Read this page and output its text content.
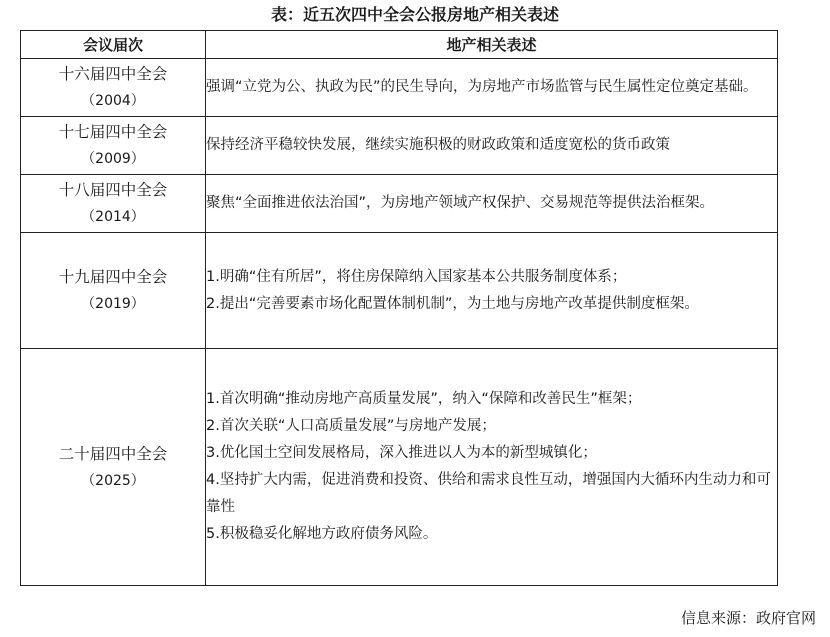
表：近五次四中全会公报房地产相关表述
会议届次	地产相关表述

十六届四中全会
（2004）	强调“立党为公、执政为民”的民生导向，为房地产市场监管与民生属性定位奠定基础。

十七届四中全会
（2009）	保持经济平稳较快发展，继续实施积极的财政政策和适度宽松的货币政策

十八届四中全会
（2014）	聚焦“全面推进依法治国”，为房地产领域产权保护、交易规范等提供法治框架。

十九届四中全会
（2019）	1.明确“住有所居”，将住房保障纳入国家基本公共服务制度体系；
2.提出“完善要素市场化配置体制机制”，为土地与房地产改革提供制度框架。

二十届四中全会
（2025）	1.首次明确“推动房地产高质量发展”，纳入“保障和改善民生”框架；
2.首次关联“人口高质量发展”与房地产发展；
3.优化国土空间发展格局，深入推进以人为本的新型城镇化；
4.坚持扩大内需，促进消费和投资、供给和需求良性互动，增强国内大循环内生动力和可靠性
5.积极稳妥化解地方政府债务风险。
信息来源：政府官网
